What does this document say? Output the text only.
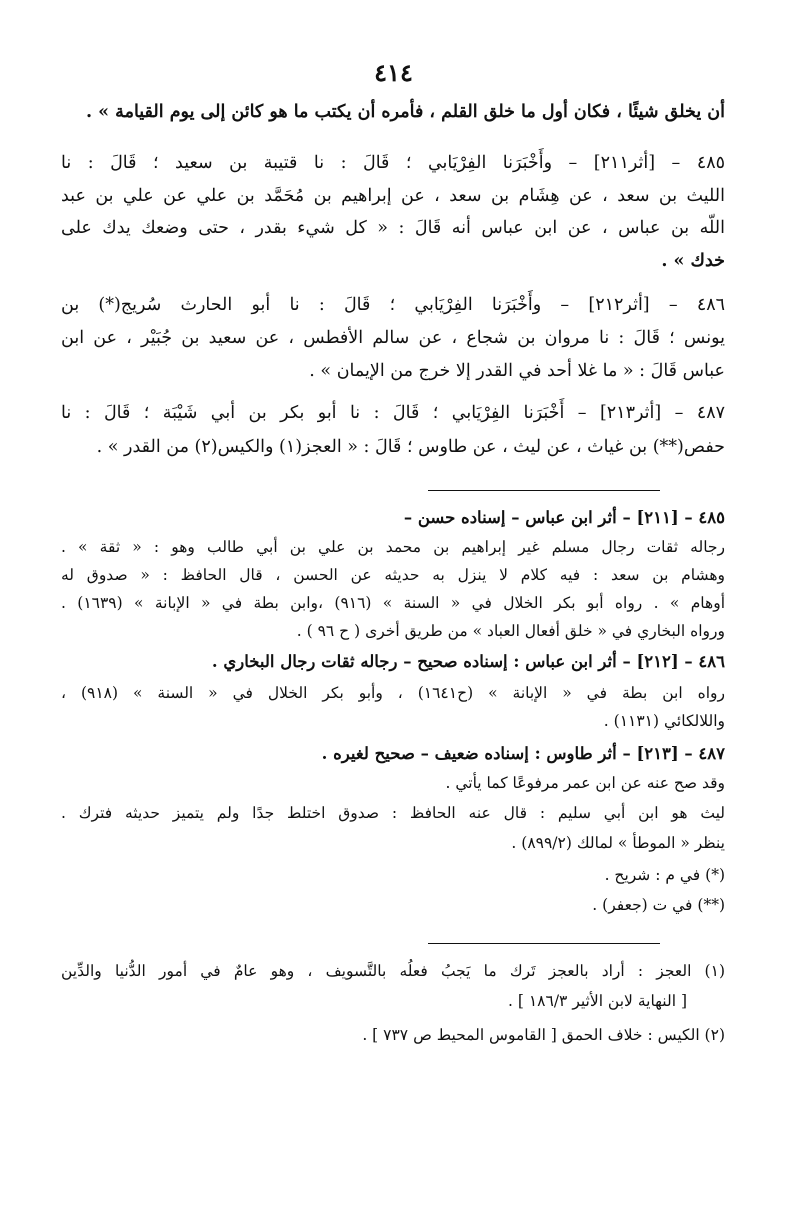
٤١٤
أن يخلق شيئًا ، فكان أول ما خلق القلم ، فأمره أن يكتب ما هو كائن إلى يوم القيامة » .
٤٨٥ – [أثر٢١١] – وأَخْبَرَنا الفِرْيَابي ؛ قَالَ : نا قتيبة بن سعيد ؛ قَالَ : نا
الليث بن سعد ، عن هِشَام بن سعد ، عن إبراهيم بن مُحَمَّد بن علي عن علي بن عبد
اللّه بن عباس ، عن ابن عباس أنه قَالَ : « كل شيء بقدر ، حتى وضعك يدك على
خدك » .
٤٨٦ – [أثر٢١٢] – وأَخْبَرَنا الفِرْيَابي ؛ قَالَ : نا أبو الحارث سُريج(*) بن
يونس ؛ قَالَ : نا مروان بن شجاع ، عن سالم الأفطس ، عن سعيد بن جُبَيْر ، عن ابن
عباس قَالَ : « ما غلا أحد في القدر إلا خرج من الإيمان » .
٤٨٧ – [أثر٢١٣] – أَخْبَرَنا الفِرْيَابي ؛ قَالَ : نا أبو بكر بن أبي شَيْبَة ؛ قَالَ : نا
حفص(**) بن غياث ، عن ليث ، عن طاوس ؛ قَالَ : « العجز(١) والكيس(٢) من القدر » .
٤٨٥ – [٢١١] – أثر ابن عباس – إسناده حسن –
رجاله ثقات رجال مسلم غير إبراهيم بن محمد بن علي بن أبي طالب وهو : « ثقة » .
وهشام بن سعد : فيه كلام لا ينزل به حديثه عن الحسن ، قال الحافظ : « صدوق له
أوهام » . رواه أبو بكر الخلال في « السنة » (٩١٦) ،وابن بطة في « الإبانة » (١٦٣٩) .
ورواه البخاري في « خلق أفعال العباد » من طريق أخرى ( ح ٩٦ ) .
٤٨٦ – [٢١٢] – أثر ابن عباس : إسناده صحيح – رجاله ثقات رجال البخاري .
رواه ابن بطة في « الإبانة » (ح١٦٤١) ، وأبو بكر الخلال في « السنة » (٩١٨) ،
واللالكائي (١١٣١) .
٤٨٧ – [٢١٣] – أثر طاوس : إسناده ضعيف – صحيح لغيره .
وقد صح عنه عن ابن عمر مرفوعًا كما يأتي .
ليث هو ابن أبي سليم : قال عنه الحافظ : صدوق اختلط جدًا ولم يتميز حديثه فترك .
ينظر « الموطأ » لمالك (٨٩٩/٢) .
(*) في م : شريح .
(**) في ت (جعفر) .
(١) العجز : أراد بالعجز تَرك ما يَجبُ فعلُه بالتَّسويف ، وهو عامٌ في أمور الدُّنيا والدِّين
[ النهاية لابن الأثير ١٨٦/٣ ] .
(٢) الكيس : خلاف الحمق [ القاموس المحيط ص ٧٣٧ ] .
